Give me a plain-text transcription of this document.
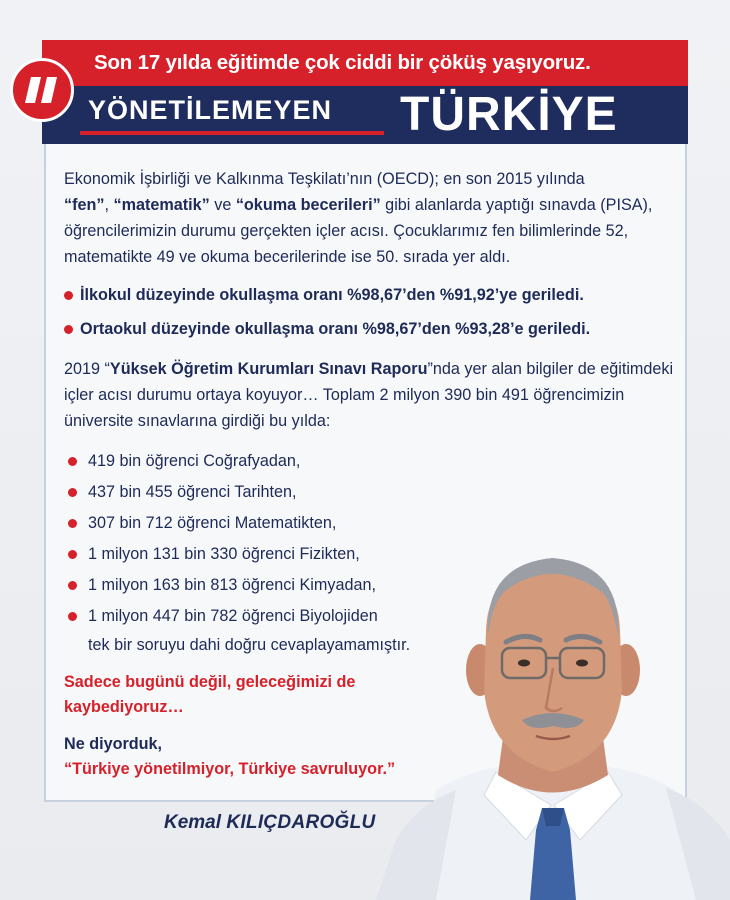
Son 17 yılda eğitimde çok ciddi bir çöküş yaşıyoruz.
YÖNETİLEMEYEN TÜRKİYE

Ekonomik İşbirliği ve Kalkınma Teşkilatı’nın (OECD); en son 2015 yılında
“fen”, “matematik” ve “okuma becerileri” gibi alanlarda yaptığı sınavda (PISA), öğrencilerimizin durumu gerçekten içler acısı. Çocuklarımız fen bilimlerinde 52, matematikte 49 ve okuma becerilerinde ise 50. sırada yer aldı.

İlkokul düzeyinde okullaşma oranı %98,67’den %91,92’ye geriledi.
Ortaokul düzeyinde okullaşma oranı %98,67’den %93,28’e geriledi.

2019 “Yüksek Öğretim Kurumları Sınavı Raporu”nda yer alan bilgiler de eğitimdeki içler acısı durumu ortaya koyuyor… Toplam 2 milyon 390 bin 491 öğrencimizin üniversite sınavlarına girdiği bu yılda:

419 bin öğrenci Coğrafyadan,
437 bin 455 öğrenci Tarihten,
307 bin 712 öğrenci Matematikten,
1 milyon 131 bin 330 öğrenci Fizikten,
1 milyon 163 bin 813 öğrenci Kimyadan,
1 milyon 447 bin 782 öğrenci Biyolojiden
tek bir soruyu dahi doğru cevaplayamamıştır.
Sadece bugünü değil, geleceğimizi de kaybediyoruz…
Ne diyorduk,
“Türkiye yönetilmiyor, Türkiye savruluyor.”
Kemal KILIÇDAROĞLU
